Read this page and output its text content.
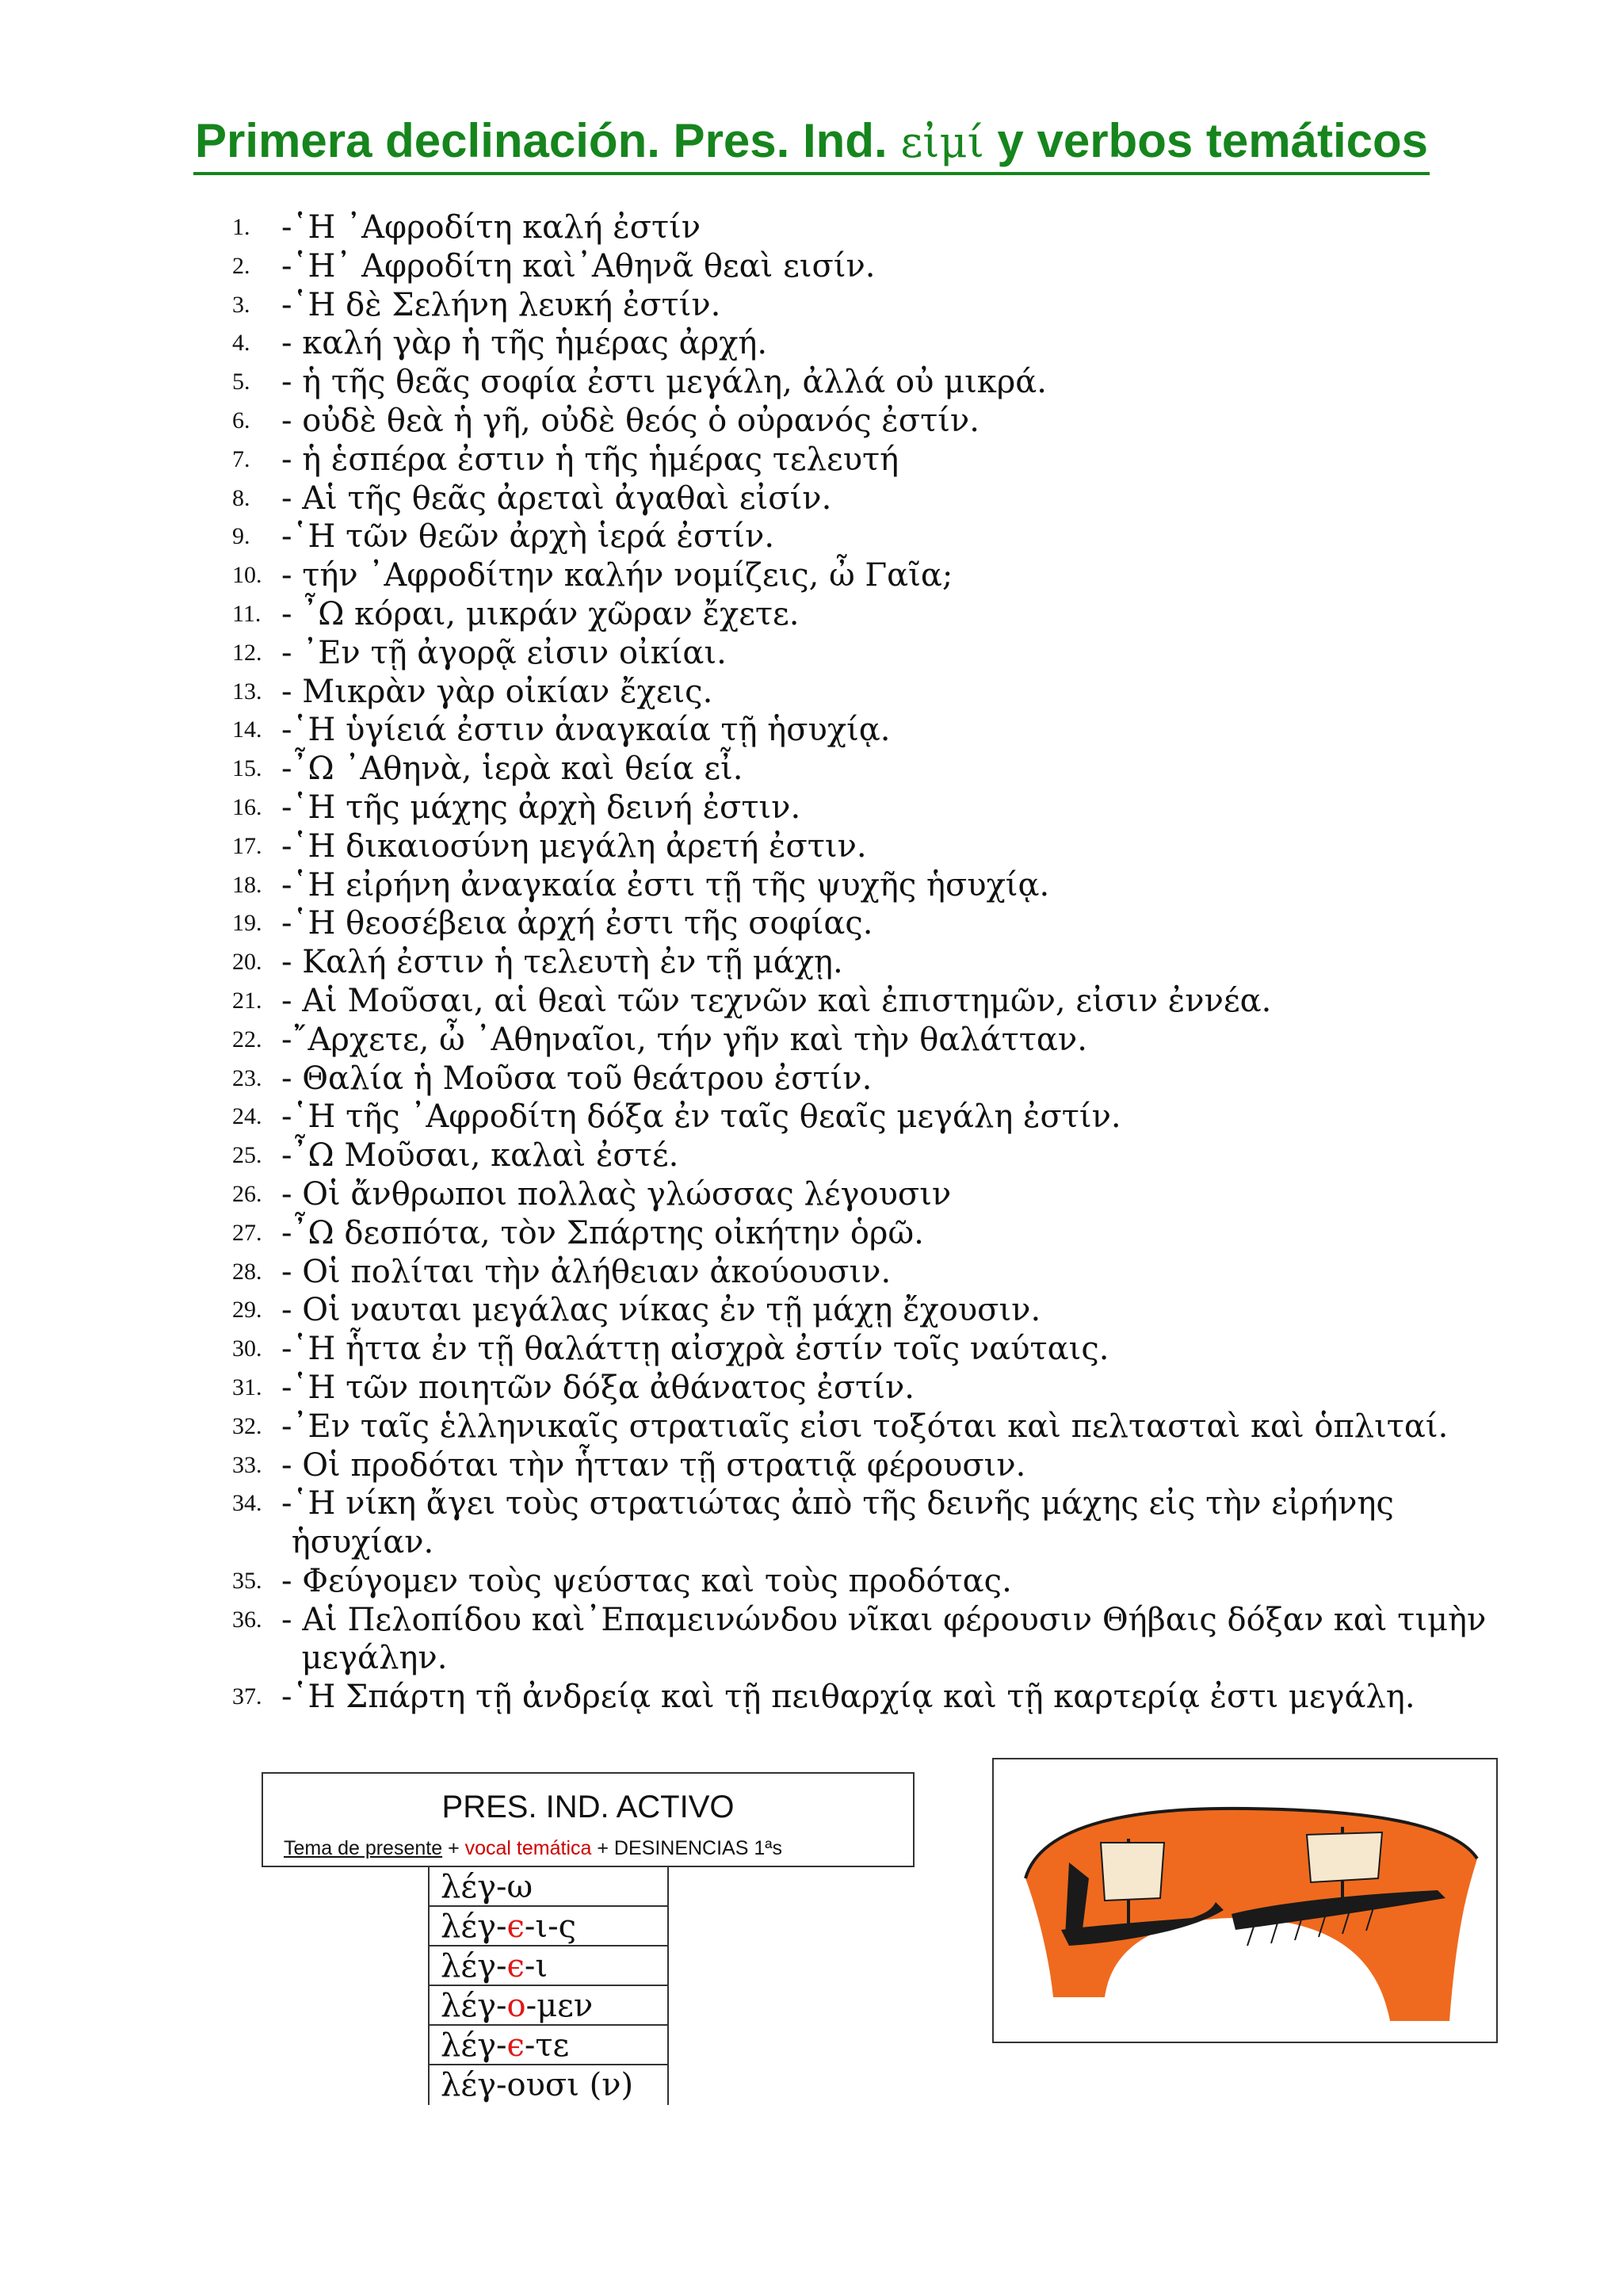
Primera declinación. Pres. Ind. εἰμί y verbos temáticos
1. -῾Η ᾿Αφροδίτη καλή ἐστίν
2. -῾Η᾿ Αφροδίτη καὶ᾿Αθηνᾶ θεαὶ εισίν.
3. -῾Η δὲ Σελήνη λευκή ἐστίν.
4. - καλή γὰρ ἡ τῆς ἡμέρας ἀρχή.
5. - ἡ τῆς θεᾶς σοφία ἐστι μεγάλη, ἀλλά οὐ μικρά.
6. - οὐδὲ θεὰ ἡ γῆ, οὐδὲ θεός ὁ οὐρανός ἐστίν.
7. - ἡ ἑσπέρα ἐστιν ἡ τῆς ἡμέρας τελευτή
8. - Αἱ τῆς θεᾶς ἀρεταὶ ἀγαθαὶ εἰσίν.
9. -῾Η τῶν θεῶν ἀρχὴ ἱερά ἐστίν.
10. - τήν ᾿Αφροδίτην καλήν νομίζεις, ὦ Γαῖα;
11. - ῏Ω κόραι, μικράν χῶραν ἔχετε.
12. - ᾿Εν τῇ ἀγορᾷ εἰσιν οἰκίαι.
13. - Μικρὰν γὰρ οἰκίαν ἔχεις.
14. -῾Η ὑγίειά ἐστιν ἀναγκαία τῇ ἡσυχίᾳ.
15. -῏Ω ᾿Αθηνὰ, ἱερὰ καὶ θεία εἶ.
16. -῾Η τῆς μάχης ἀρχὴ δεινή ἐστιν.
17. -῾Η δικαιοσύνη μεγάλη ἀρετή ἐστιν.
18. -῾Η εἰρήνη ἀναγκαία ἐστι τῇ τῆς ψυχῆς ἡσυχίᾳ.
19. -῾Η θεοσέβεια ἀρχή ἐστι τῆς σοφίας.
20. - Καλή ἐστιν ἡ τελευτὴ ἐν τῇ μάχῃ.
21. - Αἱ Μοῦσαι, αἱ θεαὶ τῶν τεχνῶν καὶ ἐπιστημῶν, εἰσιν ἐννέα.
22. -῎Αρχετε, ὦ ᾿Αθηναῖοι, τήν γῆν καὶ τὴν θαλάτταν.
23. - Θαλία ἡ Μοῦσα τοῦ θεάτρου ἐστίν.
24. -῾Η τῆς ᾿Αφροδίτη δόξα ἐν ταῖς θεαῖς μεγάλη ἐστίν.
25. -῏Ω Μοῦσαι, καλαὶ ἐστέ.
26. - Οἱ ἄνθρωποι πολλας̀ γλώσσας λέγουσιν
27. -῏Ω δεσπότα, τὸν Σπάρτης οἰκήτην ὁρῶ.
28. - Οἱ πολίται τὴν ἀλήθειαν ἀκούουσιν.
29. - Οἱ ναυται μεγάλας νίκας ἐν τῇ μάχῃ ἔχουσιν.
30. -῾Η ἧττα ἐν τῇ θαλάττῃ αἰσχρὰ ἐστίν τοῖς ναύταις.
31. -῾Η τῶν ποιητῶν δόξα ἀθάνατος ἐστίν.
32. -᾿Εν ταῖς ἑλληνικαῖς στρατιαῖς εἰσι τοξόται καὶ πελτασταὶ καὶ ὁπλιταί.
33. - Οἱ προδόται τὴν ἧτταν τῇ στρατιᾷ φέρουσιν.
34. -῾Η νίκη ἄγει τοὺς στρατιώτας ἀπὸ τῆς δεινῆς μάχης εἰς τὴν εἰρήνης
ἡσυχίαν.
35. - Φεύγομεν τοὺς ψεύστας καὶ τοὺς προδότας.
36. - Αἱ Πελοπίδου καὶ᾿Επαμεινώνδου νῖκαι φέρουσιν Θήβαις δόξαν καὶ τιμὴν
μεγάλην.
37. -῾Η Σπάρτη τῇ ἀνδρείᾳ καὶ τῇ πειθαρχίᾳ καὶ τῇ καρτερίᾳ ἐστι μεγάλη.
PRES. IND. ACTIVO
Tema de presente + vocal temática + DESINENCIAS 1ªs
λέγ-ω
λέγ-ϵ-ι-ς
λέγ-ϵ-ι
λέγ-ο-μεν
λέγ-ϵ-τε
λέγ-ουσι (ν)
